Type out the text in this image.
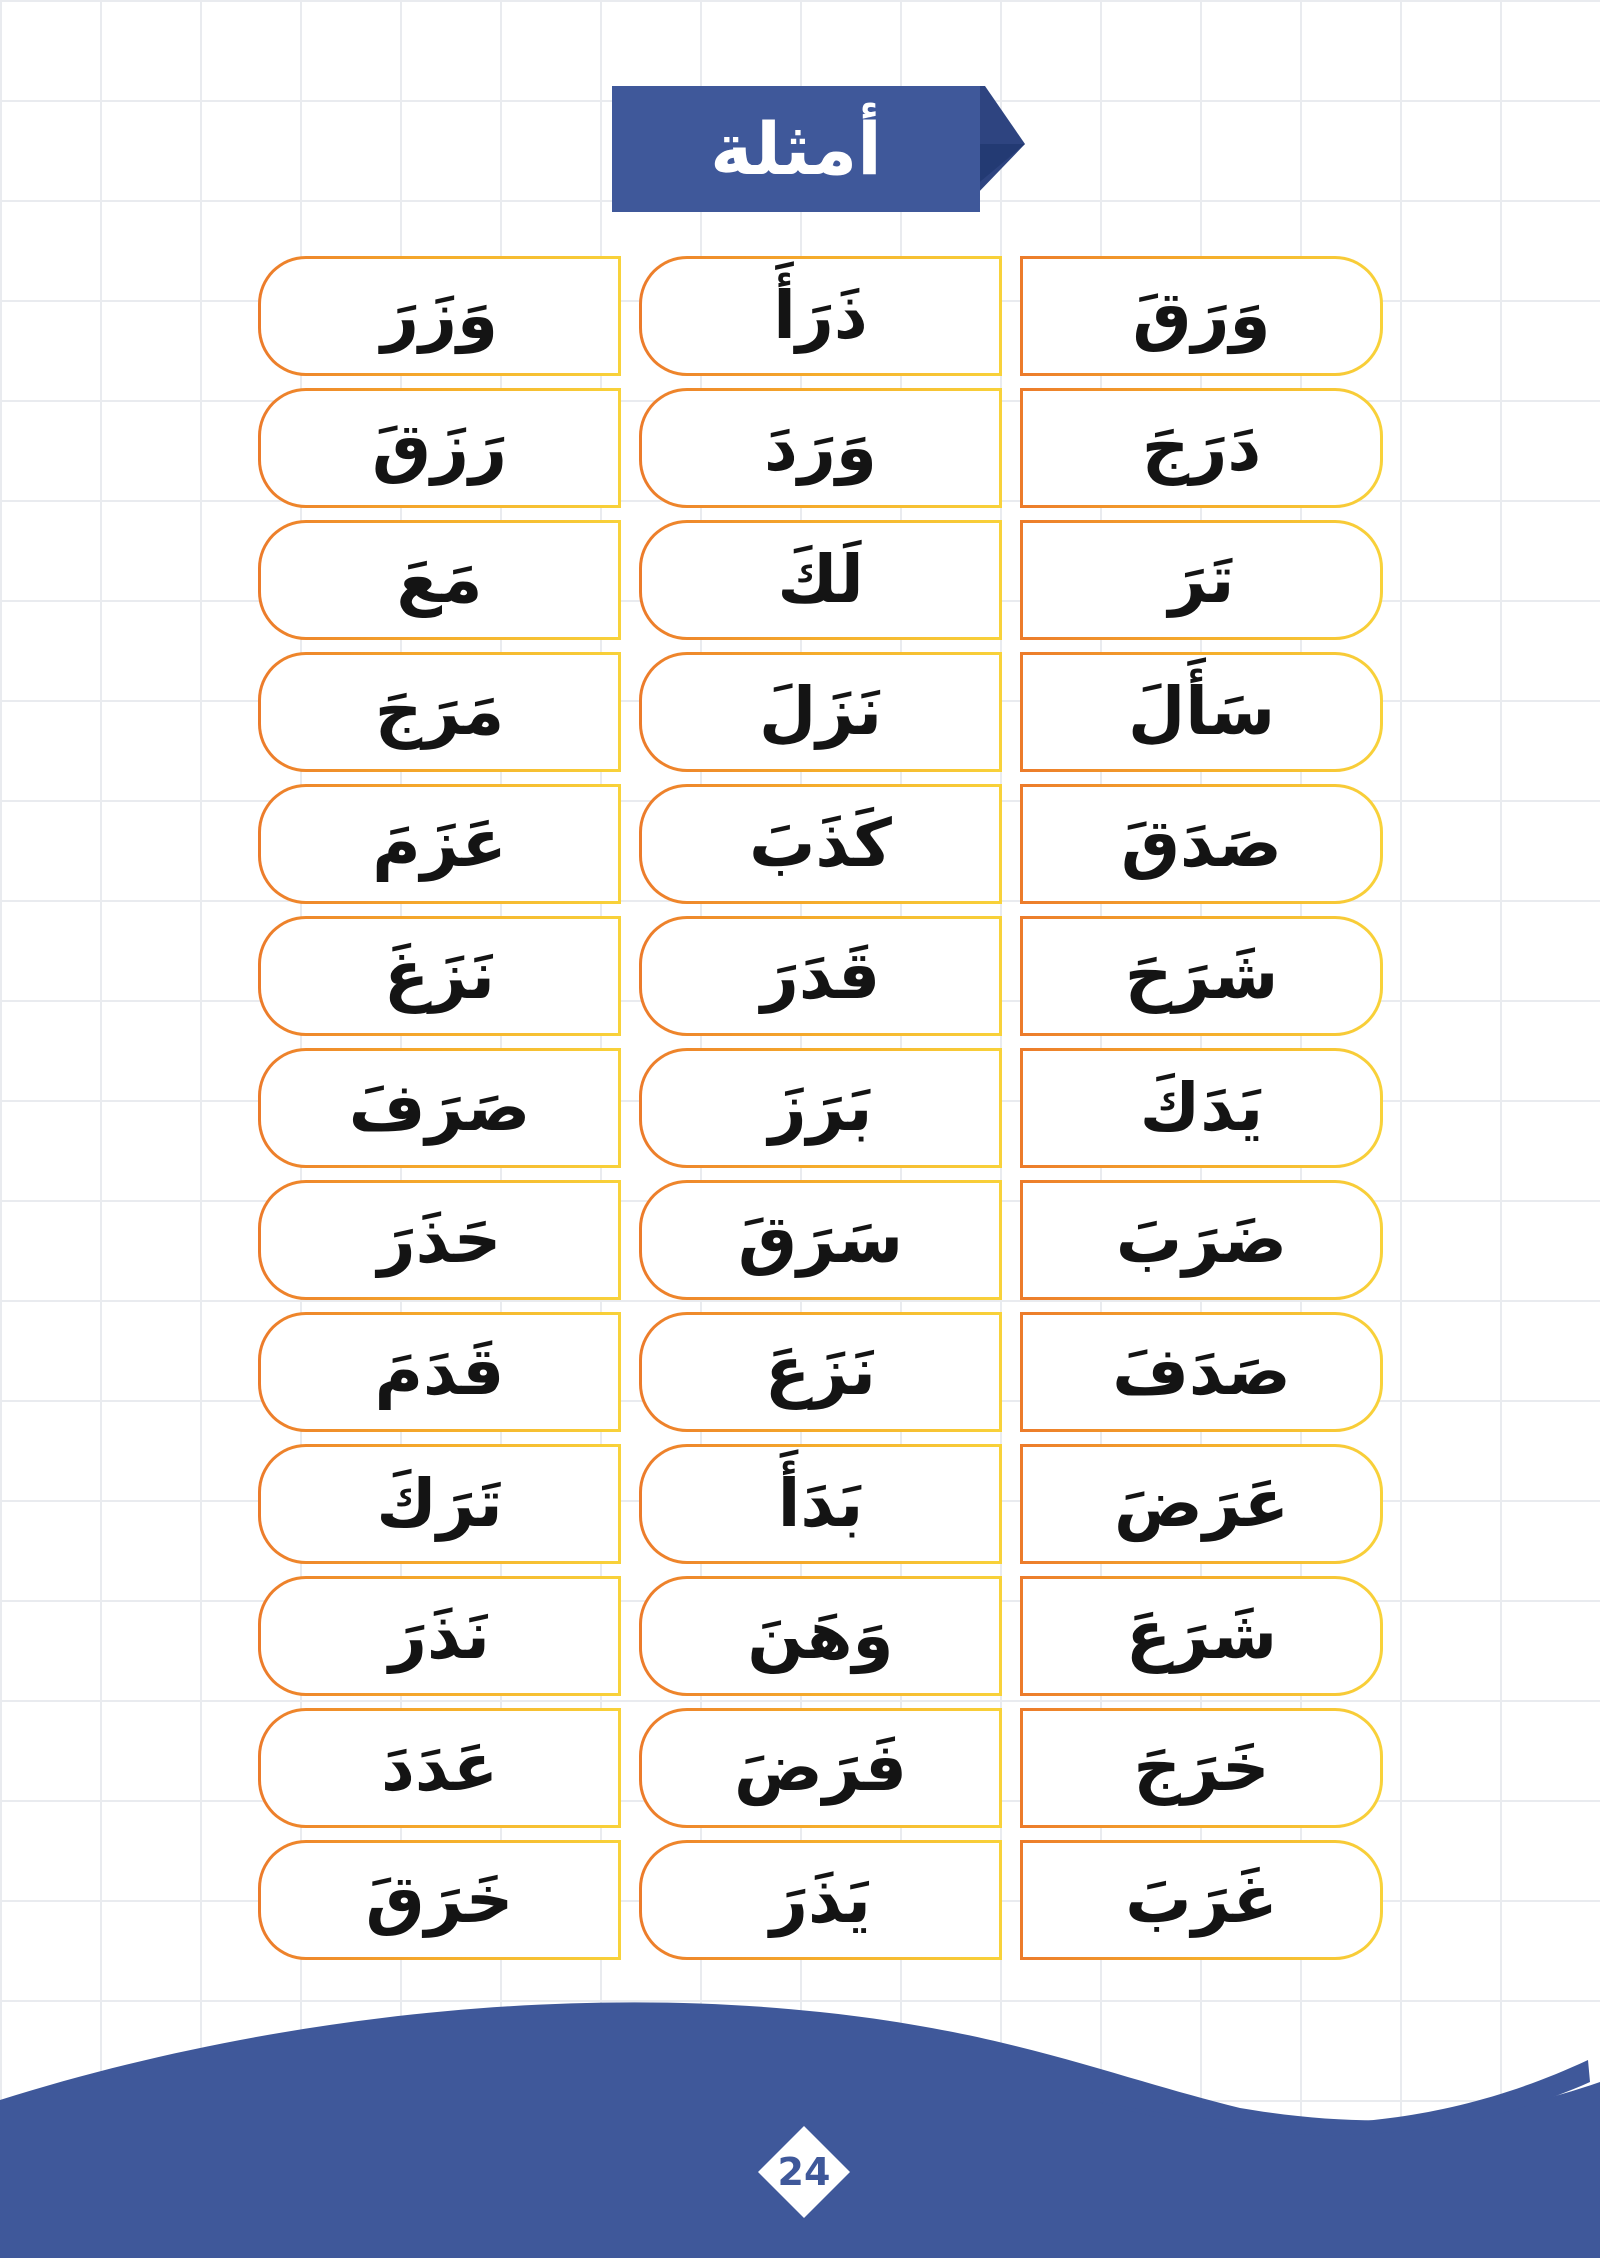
أمثلة
وَزَرَ	ذَرَأَ	وَرَقَ
رَزَقَ	وَرَدَ	دَرَجَ
مَعَ	لَكَ	تَرَ
مَرَجَ	نَزَلَ	سَأَلَ
عَزَمَ	كَذَبَ	صَدَقَ
نَزَغَ	قَدَرَ	شَرَحَ
صَرَفَ	بَرَزَ	يَدَكَ
حَذَرَ	سَرَقَ	ضَرَبَ
قَدَمَ	نَزَعَ	صَدَفَ
تَرَكَ	بَدَأَ	عَرَضَ
نَذَرَ	وَهَنَ	شَرَعَ
عَدَدَ	فَرَضَ	خَرَجَ
خَرَقَ	يَذَرَ	غَرَبَ
24
